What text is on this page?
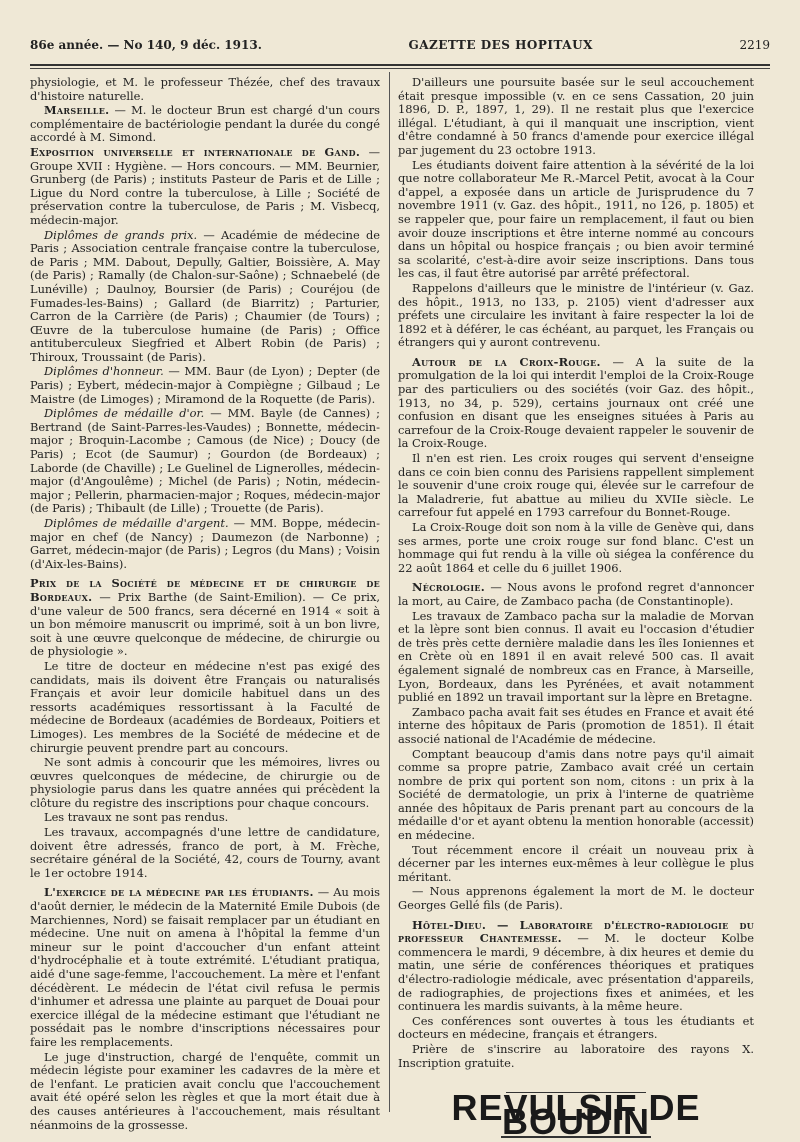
86e année. — No 140, 9 déc. 1913.	GAZETTE DES HOPITAUX	2219

physiologie, et M. le professeur Thézée, chef des travaux d'histoire naturelle.

Marseille. — M. le docteur Brun est chargé d'un cours complémentaire de bactériologie pendant la durée du congé accordé à M. Simond.

Exposition universelle et internationale de Gand. — Groupe XVII : Hygiène. — Hors concours. — MM. Beurnier, Grunberg (de Paris) ; instituts Pasteur de Paris et de Lille ; Ligue du Nord contre la tuberculose, à Lille ; Société de préservation contre la tuberculose, de Paris ; M. Visbecq, médecin-major.

Diplômes de grands prix. — Académie de médecine de Paris ; Association centrale française contre la tuberculose, de Paris ; MM. Dabout, Depully, Galtier, Boissière, A. May (de Paris) ; Ramally (de Chalon-sur-Saône) ; Schnaebelé (de Lunéville) ; Daulnoy, Boursier (de Paris) ; Couréjou (de Fumades-les-Bains) ; Gallard (de Biarritz) ; Parturier, Carron de la Carrière (de Paris) ; Chaumier (de Tours) ; Œuvre de la tuberculose humaine (de Paris) ; Office antituberculeux Siegfried et Albert Robin (de Paris) ; Thiroux, Troussaint (de Paris).

Diplômes d'honneur. — MM. Baur (de Lyon) ; Depter (de Paris) ; Eybert, médecin-major à Compiègne ; Gilbaud ; Le Maistre (de Limoges) ; Miramond de la Roquette (de Paris).

Diplômes de médaille d'or. — MM. Bayle (de Cannes) ; Bertrand (de Saint-Parres-les-Vaudes) ; Bonnette, médecin-major ; Broquin-Lacombe ; Camous (de Nice) ; Doucy (de Paris) ; Ecot (de Saumur) ; Gourdon (de Bordeaux) ; Laborde (de Chaville) ; Le Guelinel de Lignerolles, médecin-major (d'Angoulême) ; Michel (de Paris) ; Notin, médecin-major ; Pellerin, pharmacien-major ; Roques, médecin-major (de Paris) ; Thibault (de Lille) ; Trouette (de Paris).

Diplômes de médaille d'argent. — MM. Boppe, médecin-major en chef (de Nancy) ; Daumezon (de Narbonne) ; Garret, médecin-major (de Paris) ; Legros (du Mans) ; Voisin (d'Aix-les-Bains).

Prix de la Société de médecine et de chirurgie de Bordeaux. — Prix Barthe (de Saint-Emilion). — Ce prix, d'une valeur de 500 francs, sera décerné en 1914 « soit à un bon mémoire manuscrit ou imprimé, soit à un bon livre, soit à une œuvre quelconque de médecine, de chirurgie ou de physiologie ».

Le titre de docteur en médecine n'est pas exigé des candidats, mais ils doivent être Français ou naturalisés Français et avoir leur domicile habituel dans un des ressorts académiques ressortissant à la Faculté de médecine de Bordeaux (académies de Bordeaux, Poitiers et Limoges). Les membres de la Société de médecine et de chirurgie peuvent prendre part au concours.

Ne sont admis à concourir que les mémoires, livres ou œuvres quelconques de médecine, de chirurgie ou de physiologie parus dans les quatre années qui précèdent la clôture du registre des inscriptions pour chaque concours.

Les travaux ne sont pas rendus.

Les travaux, accompagnés d'une lettre de candidature, doivent être adressés, franco de port, à M. Frèche, secrétaire général de la Société, 42, cours de Tourny, avant le 1er octobre 1914.

L'exercice de la médecine par les étudiants. — Au mois d'août dernier, le médecin de la Maternité Emile Dubois (de Marchiennes, Nord) se faisait remplacer par un étudiant en médecine. Une nuit on amena à l'hôpital la femme d'un mineur sur le point d'accoucher d'un enfant atteint d'hydrocéphalie et à toute extrémité. L'étudiant pratiqua, aidé d'une sage-femme, l'accouchement. La mère et l'enfant décédèrent. Le médecin de l'état civil refusa le permis d'inhumer et adressa une plainte au parquet de Douai pour exercice illégal de la médecine estimant que l'étudiant ne possédait pas le nombre d'inscriptions nécessaires pour faire les remplacements.

Le juge d'instruction, chargé de l'enquête, commit un médecin légiste pour examiner les cadavres de la mère et de l'enfant. Le praticien avait conclu que l'accouchement avait été opéré selon les règles et que la mort était due à des causes antérieures à l'accouchement, mais résultant néanmoins de la grossesse.

D'ailleurs une poursuite basée sur le seul accouchement était presque impossible (v. en ce sens Cassation, 20 juin 1896, D. P., 1897, 1, 29). Il ne restait plus que l'exercice illégal. L'étudiant, à qui il manquait une inscription, vient d'être condamné à 50 francs d'amende pour exercice illégal par jugement du 23 octobre 1913.

Les étudiants doivent faire attention à la sévérité de la loi que notre collaborateur Me R.-Marcel Petit, avocat à la Cour d'appel, a exposée dans un article de Jurisprudence du 7 novembre 1911 (v. Gaz. des hôpit., 1911, no 126, p. 1805) et se rappeler que, pour faire un remplacement, il faut ou bien avoir douze inscriptions et être interne nommé au concours dans un hôpital ou hospice français ; ou bien avoir terminé sa scolarité, c'est-à-dire avoir seize inscriptions. Dans tous les cas, il faut être autorisé par arrêté préfectoral.

Rappelons d'ailleurs que le ministre de l'intérieur (v. Gaz. des hôpit., 1913, no 133, p. 2105) vient d'adresser aux préfets une circulaire les invitant à faire respecter la loi de 1892 et à déférer, le cas échéant, au parquet, les Français ou étrangers qui y auront contrevenu.

Autour de la Croix-Rouge. — A la suite de la promulgation de la loi qui interdit l'emploi de la Croix-Rouge par des particuliers ou des sociétés (voir Gaz. des hôpit., 1913, no 34, p. 529), certains journaux ont créé une confusion en disant que les enseignes situées à Paris au carrefour de la Croix-Rouge devaient rappeler le souvenir de la Croix-Rouge.

Il n'en est rien. Les croix rouges qui servent d'enseigne dans ce coin bien connu des Parisiens rappellent simplement le souvenir d'une croix rouge qui, élevée sur le carrefour de la Maladrerie, fut abattue au milieu du XVIIe siècle. Le carrefour fut appelé en 1793 carrefour du Bonnet-Rouge.

La Croix-Rouge doit son nom à la ville de Genève qui, dans ses armes, porte une croix rouge sur fond blanc. C'est un hommage qui fut rendu à la ville où siégea la conférence du 22 août 1864 et celle du 6 juillet 1906.

Nécrologie. — Nous avons le profond regret d'annoncer la mort, au Caire, de Zambaco pacha (de Constantinople).

Les travaux de Zambaco pacha sur la maladie de Morvan et la lèpre sont bien connus. Il avait eu l'occasion d'étudier de très près cette dernière maladie dans les îles Ioniennes et en Crète où en 1891 il en avait relevé 500 cas. Il avait également signalé de nombreux cas en France, à Marseille, Lyon, Bordeaux, dans les Pyrénées, et avait notamment publié en 1892 un travail important sur la lèpre en Bretagne.

Zambaco pacha avait fait ses études en France et avait été interne des hôpitaux de Paris (promotion de 1851). Il était associé national de l'Académie de médecine.

Comptant beaucoup d'amis dans notre pays qu'il aimait comme sa propre patrie, Zambaco avait créé un certain nombre de prix qui portent son nom, citons : un prix à la Société de dermatologie, un prix à l'interne de quatrième année des hôpitaux de Paris prenant part au concours de la médaille d'or et ayant obtenu la mention honorable (accessit) en médecine.

Tout récemment encore il créait un nouveau prix à décerner par les internes eux-mêmes à leur collègue le plus méritant.

— Nous apprenons également la mort de M. le docteur Georges Gellé fils (de Paris).

Hôtel-Dieu. — Laboratoire d'électro-radiologie du professeur Chantemesse. — M. le docteur Kolbe commencera le mardi, 9 décembre, à dix heures et demie du matin, une série de conférences théoriques et pratiques d'électro-radiologie médicale, avec présentation d'appareils, de radiographies, de projections fixes et animées, et les continuera les mardis suivants, à la même heure.

Ces conférences sont ouvertes à tous les étudiants et docteurs en médecine, français et étrangers.

Prière de s'inscrire au laboratoire des rayons X. Inscription gratuite.

REVULSIF DE BOUDIN
